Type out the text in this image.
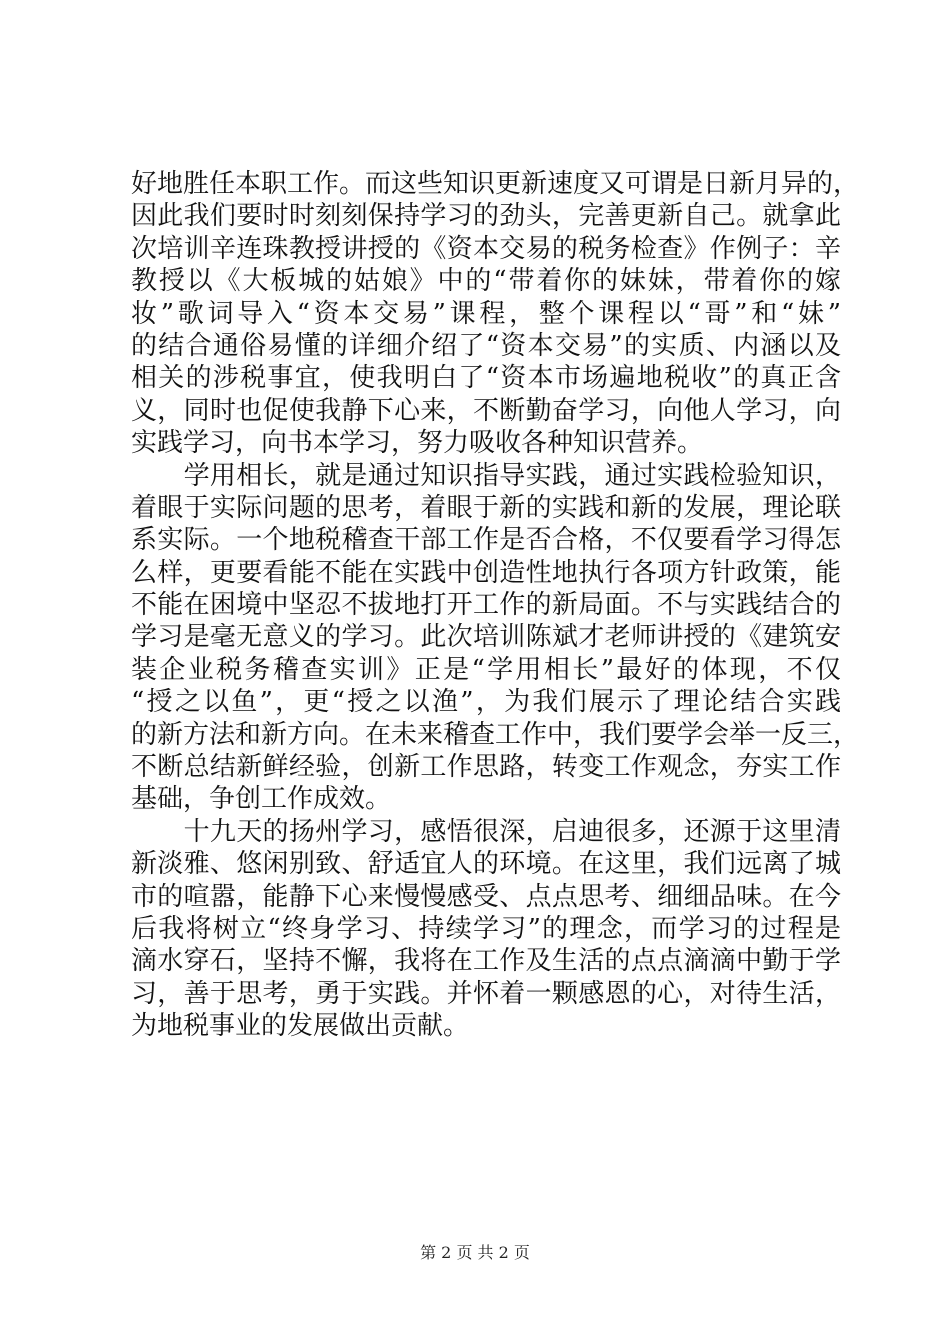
好地胜任本职工作。而这些知识更新速度又可谓是日新月异的，
因此我们要时时刻刻保持学习的劲头，完善更新自己。就拿此
次培训辛连珠教授讲授的《资本交易的税务检查》作例子：辛
教授以《大板城的姑娘》中的“带着你的妹妹，带着你的嫁
妆”歌词导入“资本交易”课程，整个课程以“哥”和“妹”
的结合通俗易懂的详细介绍了“资本交易”的实质、内涵以及
相关的涉税事宜，使我明白了“资本市场遍地税收”的真正含
义，同时也促使我静下心来，不断勤奋学习，向他人学习，向
实践学习，向书本学习，努力吸收各种知识营养。
　　学用相长，就是通过知识指导实践，通过实践检验知识，
着眼于实际问题的思考，着眼于新的实践和新的发展，理论联
系实际。一个地税稽查干部工作是否合格，不仅要看学习得怎
么样，更要看能不能在实践中创造性地执行各项方针政策，能
不能在困境中坚忍不拔地打开工作的新局面。不与实践结合的
学习是毫无意义的学习。此次培训陈斌才老师讲授的《建筑安
装企业税务稽查实训》正是“学用相长”最好的体现，不仅
“授之以鱼”，更“授之以渔”，为我们展示了理论结合实践
的新方法和新方向。在未来稽查工作中，我们要学会举一反三，
不断总结新鲜经验，创新工作思路，转变工作观念，夯实工作
基础，争创工作成效。
　　十九天的扬州学习，感悟很深，启迪很多，还源于这里清
新淡雅、悠闲别致、舒适宜人的环境。在这里，我们远离了城
市的喧嚣，能静下心来慢慢感受、点点思考、细细品味。在今
后我将树立“终身学习、持续学习”的理念，而学习的过程是
滴水穿石，坚持不懈，我将在工作及生活的点点滴滴中勤于学
习，善于思考，勇于实践。并怀着一颗感恩的心，对待生活，
为地税事业的发展做出贡献。
第 2 页 共 2 页
